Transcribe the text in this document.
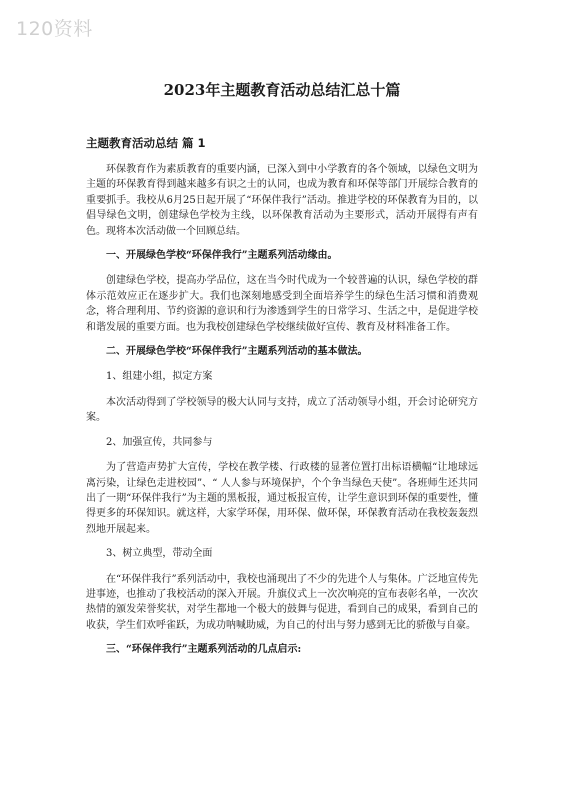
120资料
2023年主题教育活动总结汇总十篇
主题教育活动总结 篇 1

环保教育作为素质教育的重要内涵，已深入到中小学教育的各个领域，以绿色文明为主题的环保教育得到越来越多有识之士的认同，也成为教育和环保等部门开展综合教育的重要抓手。我校从6月25日起开展了“环保伴我行”活动。推进学校的环保教育为目的，以倡导绿色文明，创建绿色学校为主线，以环保教育活动为主要形式，活动开展得有声有色。现将本次活动做一个回顾总结。

一、开展绿色学校“环保伴我行”主题系列活动缘由。

创建绿色学校，提高办学品位，这在当今时代成为一个较普遍的认识，绿色学校的群体示范效应正在逐步扩大。我们也深刻地感受到全面培养学生的绿色生活习惯和消费观念，将合理利用、节约资源的意识和行为渗透到学生的日常学习、生活之中，是促进学校和谐发展的重要方面。也为我校创建绿色学校继续做好宣传、教育及材料准备工作。

二、开展绿色学校“环保伴我行”主题系列活动的基本做法。

1、组建小组，拟定方案

本次活动得到了学校领导的极大认同与支持，成立了活动领导小组，开会讨论研究方案。

2、加强宣传，共同参与

为了营造声势扩大宣传，学校在教学楼、行政楼的显著位置打出标语横幅“让地球远离污染，让绿色走进校园”、“ 人人参与环境保护，个个争当绿色天使”。各班师生还共同出了一期“环保伴我行”为主题的黑板报，通过板报宣传，让学生意识到环保的重要性，懂得更多的环保知识。就这样，大家学环保，用环保、做环保，环保教育活动在我校轰轰烈烈地开展起来。

3、树立典型，带动全面

在“环保伴我行”系列活动中，我校也涌现出了不少的先进个人与集体。广泛地宣传先进事迹，也推动了我校活动的深入开展。升旗仪式上一次次响亮的宣布表彰名单，一次次热情的颁发荣誉奖状，对学生都地一个极大的鼓舞与促进，看到自己的成果，看到自己的收获，学生们欢呼雀跃，为成功呐喊助威，为自己的付出与努力感到无比的骄傲与自豪。

三、“环保伴我行”主题系列活动的几点启示:
